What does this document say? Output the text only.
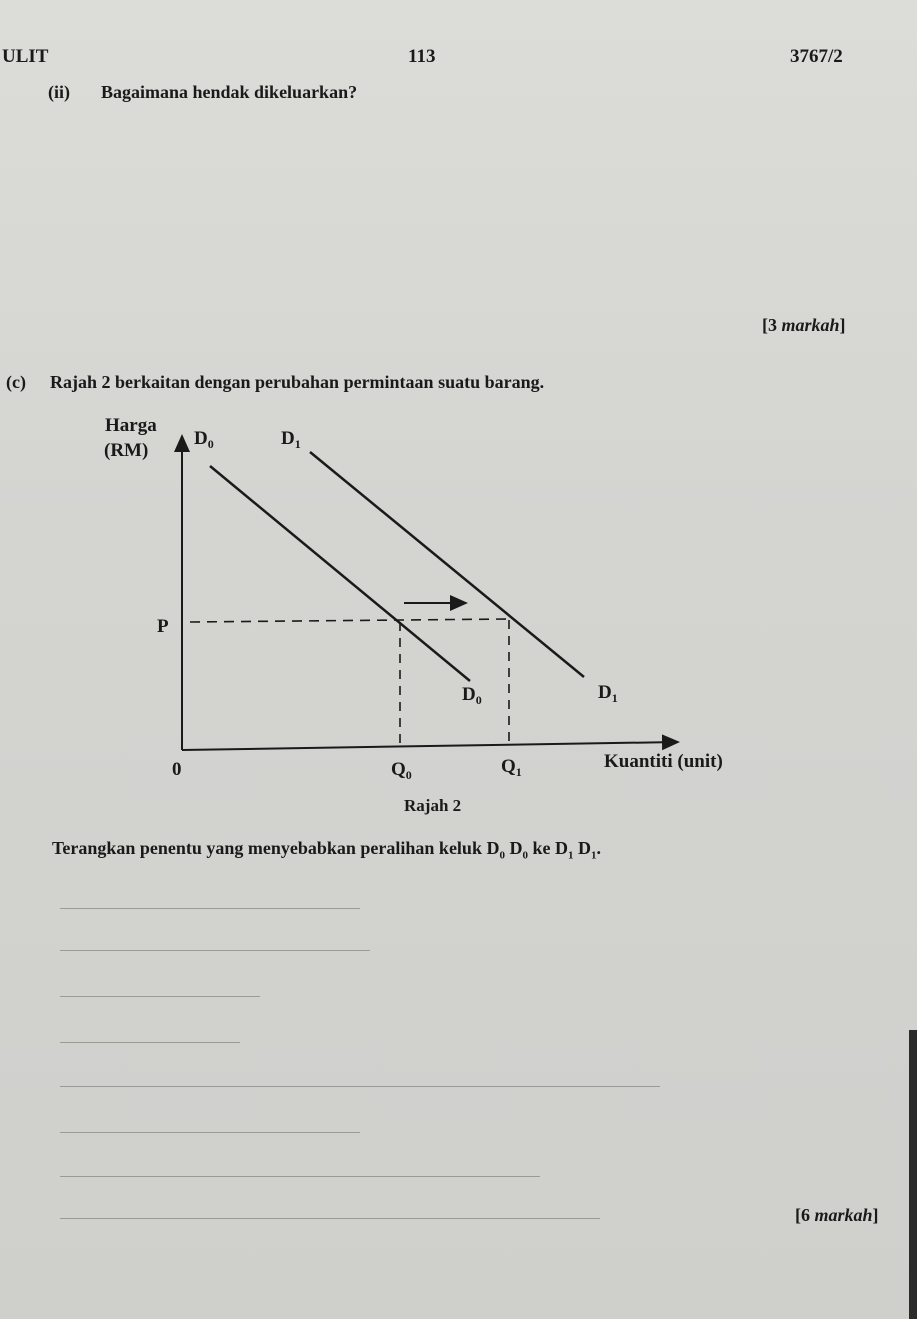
ULIT	113	3767/2
(ii) Bagaimana hendak dikeluarkan?
[3 markah]
(c) Rajah 2 berkaitan dengan perubahan permintaan suatu barang.
Harga
(RM)
$D_0$	$D_1$
$D_0$	$D_1$
P
0	$Q_0$	$Q_1$	Kuantiti (unit)
Rajah 2
Terangkan penentu yang menyebabkan peralihan keluk $D_0$ $D_0$ ke $D_1$ $D_1$.
[6 markah]
